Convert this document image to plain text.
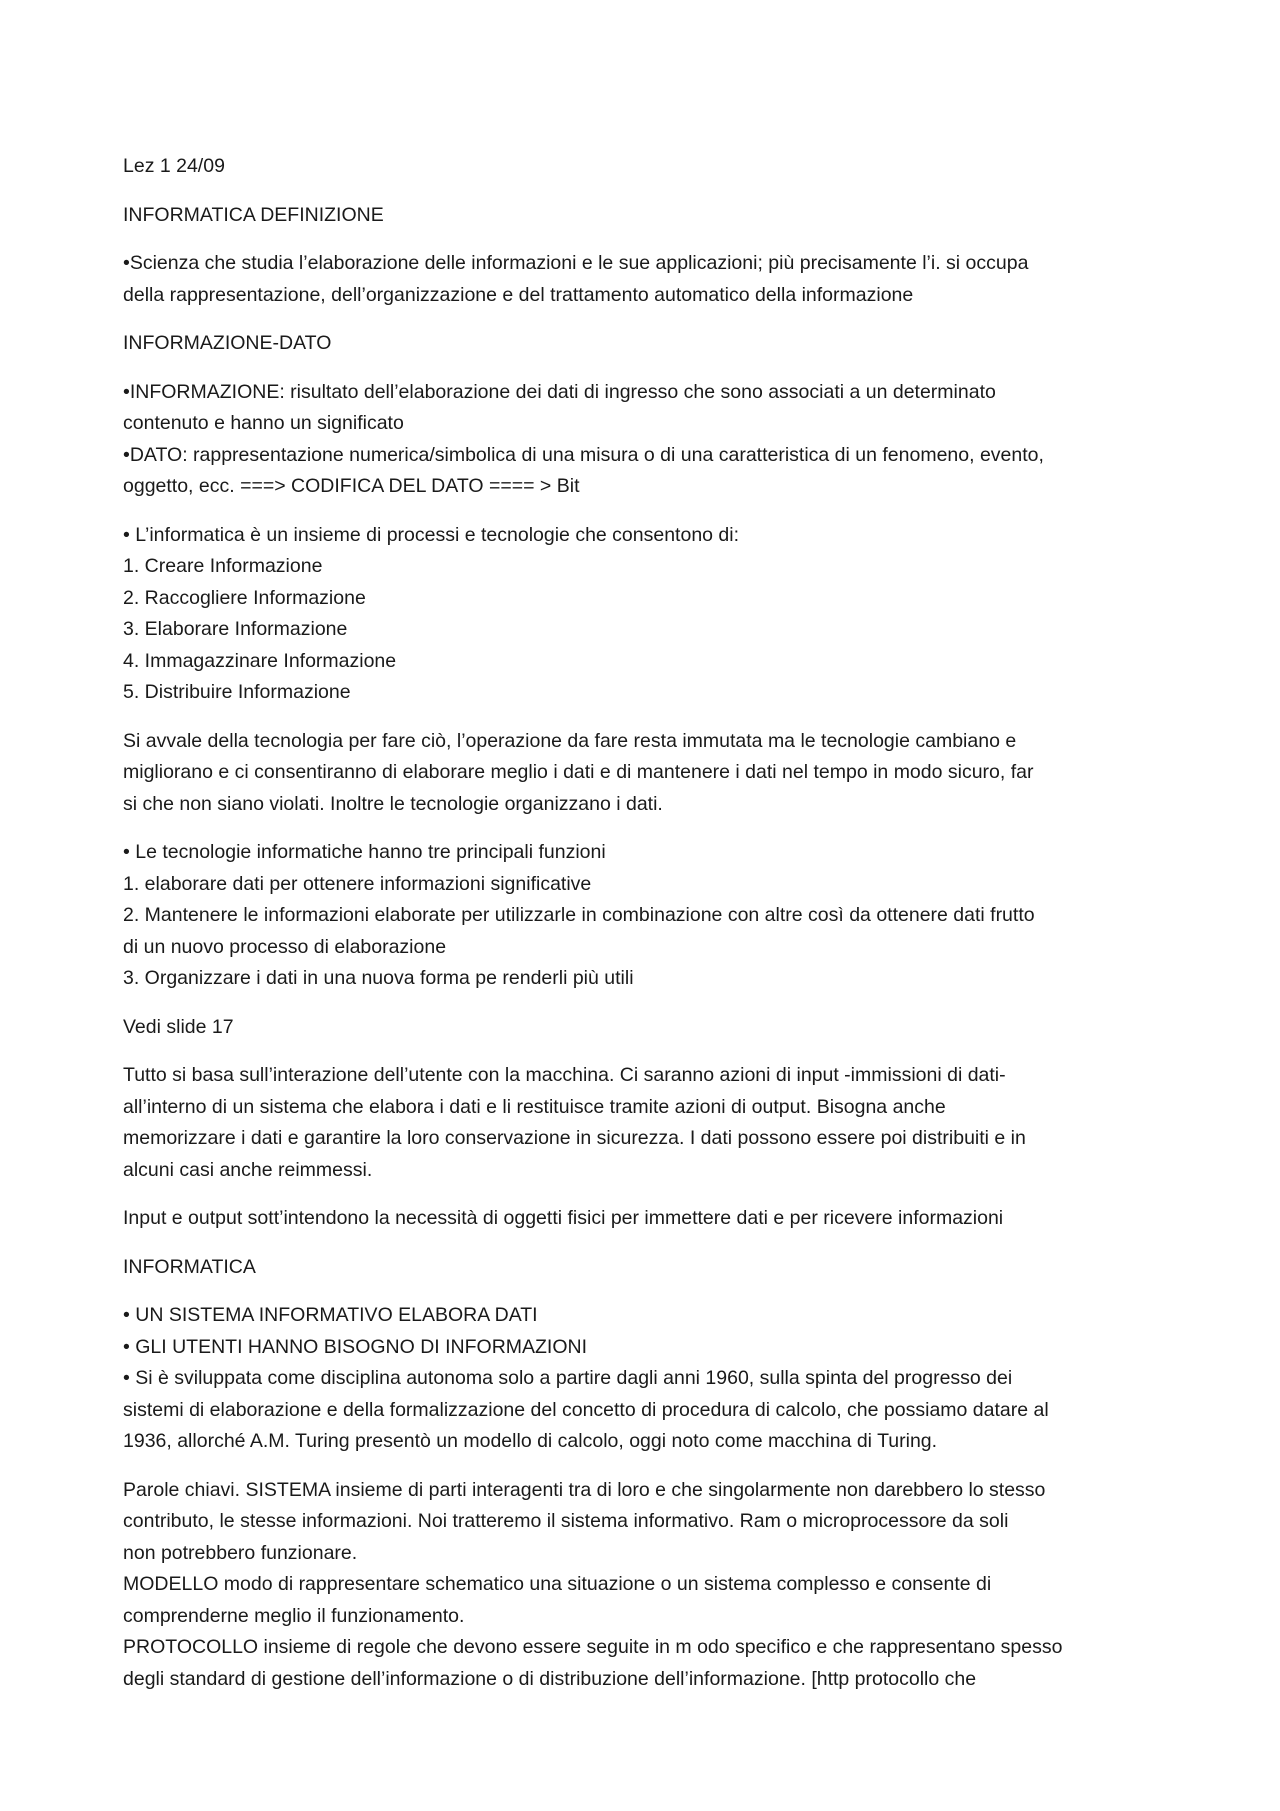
Lez 1 24/09

INFORMATICA DEFINIZIONE

•Scienza che studia l’elaborazione delle informazioni e le sue applicazioni; più precisamente l’i. si occupa
della rappresentazione, dell’organizzazione e del trattamento automatico della informazione

INFORMAZIONE-DATO

•INFORMAZIONE: risultato dell’elaborazione dei dati di ingresso che sono associati a un determinato
contenuto e hanno un significato
•DATO: rappresentazione numerica/simbolica di una misura o di una caratteristica di un fenomeno, evento,
oggetto, ecc. ===> CODIFICA DEL DATO ==== > Bit

• L’informatica è un insieme di processi e tecnologie che consentono di:
1. Creare Informazione
2. Raccogliere Informazione
3. Elaborare Informazione
4. Immagazzinare Informazione
5. Distribuire Informazione

Si avvale della tecnologia per fare ciò, l’operazione da fare resta immutata ma le tecnologie cambiano e
migliorano e ci consentiranno di elaborare meglio i dati e di mantenere i dati nel tempo in modo sicuro, far
si che non siano violati. Inoltre le tecnologie organizzano i dati.

• Le tecnologie informatiche hanno tre principali funzioni
1. elaborare dati per ottenere informazioni significative
2. Mantenere le informazioni elaborate per utilizzarle in combinazione con altre così da ottenere dati frutto
di un nuovo processo di elaborazione
3. Organizzare i dati in una nuova forma pe renderli più utili

Vedi slide 17

Tutto si basa sull’interazione dell’utente con la macchina. Ci saranno azioni di input -immissioni di dati-
all’interno di un sistema che elabora i dati e li restituisce tramite azioni di output. Bisogna anche
memorizzare i dati e garantire la loro conservazione in sicurezza. I dati possono essere poi distribuiti e in
alcuni casi anche reimmessi.

Input e output sott’intendono la necessità di oggetti fisici per immettere dati e per ricevere informazioni

INFORMATICA

• UN SISTEMA INFORMATIVO ELABORA DATI
• GLI UTENTI HANNO BISOGNO DI INFORMAZIONI
• Si è sviluppata come disciplina autonoma solo a partire dagli anni 1960, sulla spinta del progresso dei
sistemi di elaborazione e della formalizzazione del concetto di procedura di calcolo, che possiamo datare al
1936, allorché A.M. Turing presentò un modello di calcolo, oggi noto come macchina di Turing.

Parole chiavi. SISTEMA insieme di parti interagenti tra di loro e che singolarmente non darebbero lo stesso
contributo, le stesse informazioni. Noi tratteremo il sistema informativo. Ram o microprocessore da soli
non potrebbero funzionare.
MODELLO modo di rappresentare schematico una situazione o un sistema complesso e consente di
comprenderne meglio il funzionamento.
PROTOCOLLO insieme di regole che devono essere seguite in m odo specifico e che rappresentano spesso
degli standard di gestione dell’informazione o di distribuzione dell’informazione. [http protocollo che
